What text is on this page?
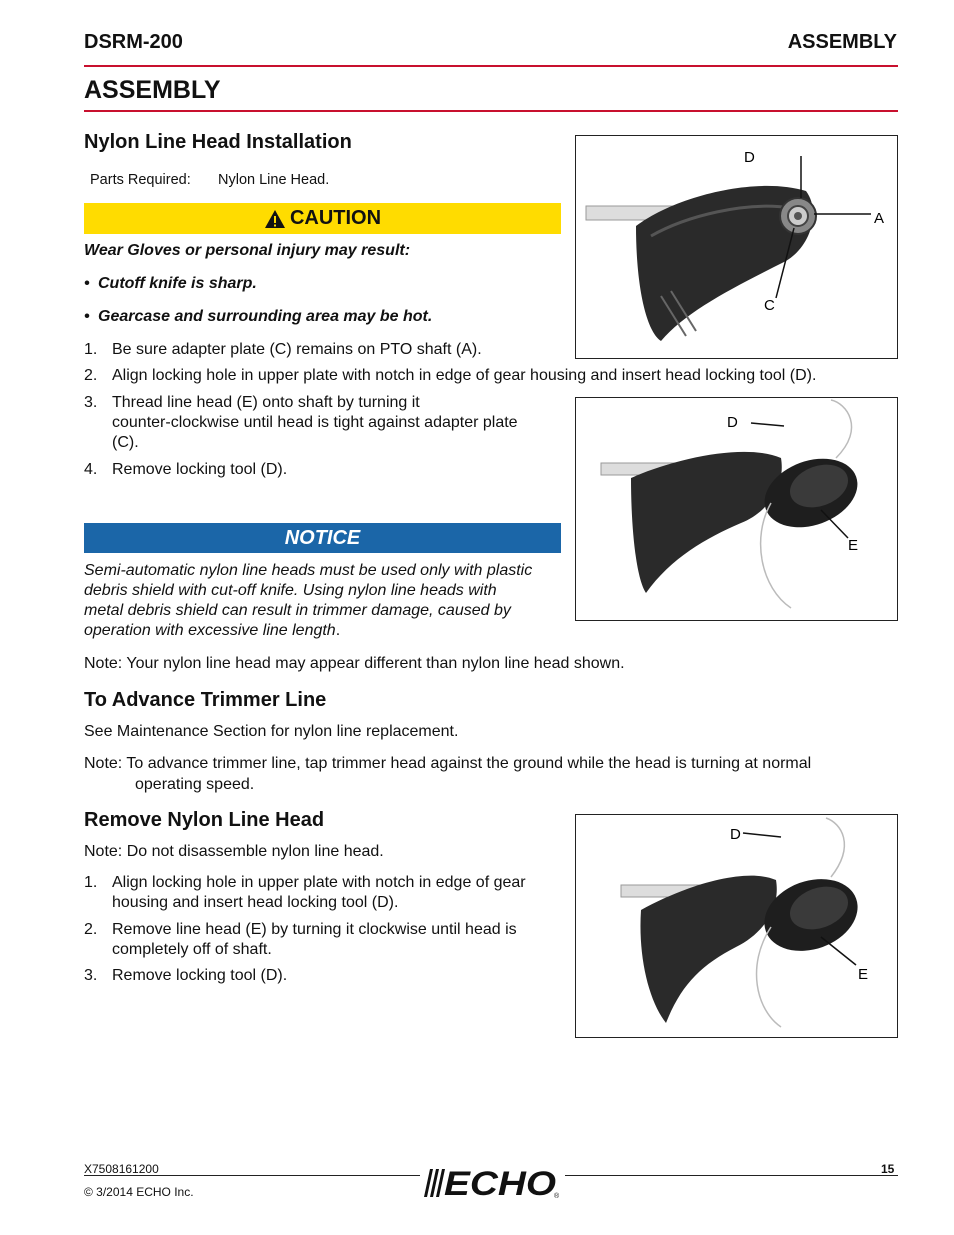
DSRM-200	ASSEMBLY
ASSEMBLY
Nylon Line Head Installation
Parts Required: Nylon Line Head.
CAUTION
Wear Gloves or personal injury may result:
• Cutoff knife is sharp.
• Gearcase and surrounding area may be hot.
1. Be sure adapter plate (C) remains on PTO shaft (A).
2. Align locking hole in upper plate with notch in edge of gear housing and insert head locking tool (D).
3. Thread line head (E) onto shaft by turning it
counter-clockwise until head is tight against adapter plate
(C).
4. Remove locking tool (D).
NOTICE
Semi-automatic nylon line heads must be used only with plastic
debris shield with cut-off knife. Using nylon line heads with
metal debris shield can result in trimmer damage, caused by
operation with excessive line length.
Note: Your nylon line head may appear different than nylon line head shown.
To Advance Trimmer Line
See Maintenance Section for nylon line replacement.
Note: To advance trimmer line, tap trimmer head against the ground while the head is turning at normal
operating speed.
Remove Nylon Line Head
Note: Do not disassemble nylon line head.
1. Align locking hole in upper plate with notch in edge of gear
housing and insert head locking tool (D).
2. Remove line head (E) by turning it clockwise until head is
completely off of shaft.
3. Remove locking tool (D).
D
A
C
D
E
D
E
X7508161200
© 3/2014 ECHO Inc.
15
ECHO
®
